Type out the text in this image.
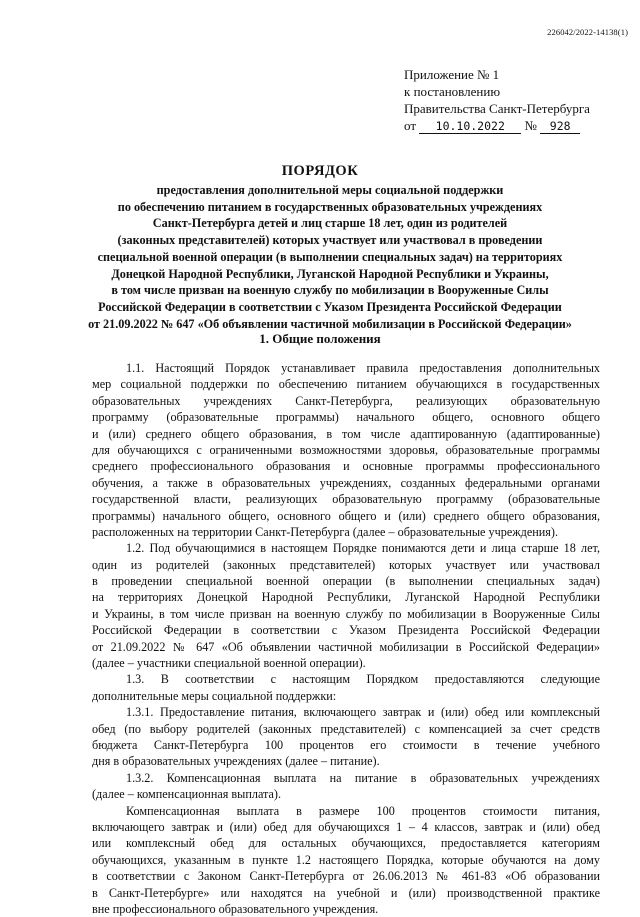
226042/2022-14138(1)
Приложение № 1
к постановлению
Правительства Санкт-Петербурга
от 10.10.2022 № 928
ПОРЯДОК
предоставления дополнительной меры социальной поддержки
по обеспечению питанием в государственных образовательных учреждениях
Санкт-Петербурга детей и лиц старше 18 лет, один из родителей
(законных представителей) которых участвует или участвовал в проведении
специальной военной операции (в выполнении специальных задач) на территориях
Донецкой Народной Республики, Луганской Народной Республики и Украины,
в том числе призван на военную службу по мобилизации в Вооруженные Силы
Российской Федерации в соответствии с Указом Президента Российской Федерации
от 21.09.2022 № 647 «Об объявлении частичной мобилизации в Российской Федерации»
1. Общие положения
1.1. Настоящий Порядок устанавливает правила предоставления дополнительных
мер социальной поддержки по обеспечению питанием обучающихся в государственных
образовательных учреждениях Санкт-Петербурга, реализующих образовательную
программу (образовательные программы) начального общего, основного общего
и (или) среднего общего образования, в том числе адаптированную (адаптированные)
для обучающихся с ограниченными возможностями здоровья, образовательные программы
среднего профессионального образования и основные программы профессионального
обучения, а также в образовательных учреждениях, созданных федеральными органами
государственной власти, реализующих образовательную программу (образовательные
программы) начального общего, основного общего и (или) среднего общего образования,
расположенных на территории Санкт-Петербурга (далее – образовательные учреждения).
1.2. Под обучающимися в настоящем Порядке понимаются дети и лица старше 18 лет,
один из родителей (законных представителей) которых участвует или участвовал
в проведении специальной военной операции (в выполнении специальных задач)
на территориях Донецкой Народной Республики, Луганской Народной Республики
и Украины, в том числе призван на военную службу по мобилизации в Вооруженные Силы
Российской Федерации в соответствии с Указом Президента Российской Федерации
от 21.09.2022 № 647 «Об объявлении частичной мобилизации в Российской Федерации»
(далее – участники специальной военной операции).
1.3. В соответствии с настоящим Порядком предоставляются следующие
дополнительные меры социальной поддержки:
1.3.1. Предоставление питания, включающего завтрак и (или) обед или комплексный
обед (по выбору родителей (законных представителей) с компенсацией за счет средств
бюджета Санкт-Петербурга 100 процентов его стоимости в течение учебного
дня в образовательных учреждениях (далее – питание).
1.3.2. Компенсационная выплата на питание в образовательных учреждениях
(далее – компенсационная выплата).
Компенсационная выплата в размере 100 процентов стоимости питания,
включающего завтрак и (или) обед для обучающихся 1 – 4 классов, завтрак и (или) обед
или комплексный обед для остальных обучающихся, предоставляется категориям
обучающихся, указанным в пункте 1.2 настоящего Порядка, которые обучаются на дому
в соответствии с Законом Санкт-Петербурга от 26.06.2013 № 461-83 «Об образовании
в Санкт-Петербурге» или находятся на учебной и (или) производственной практике
вне профессионального образовательного учреждения.
